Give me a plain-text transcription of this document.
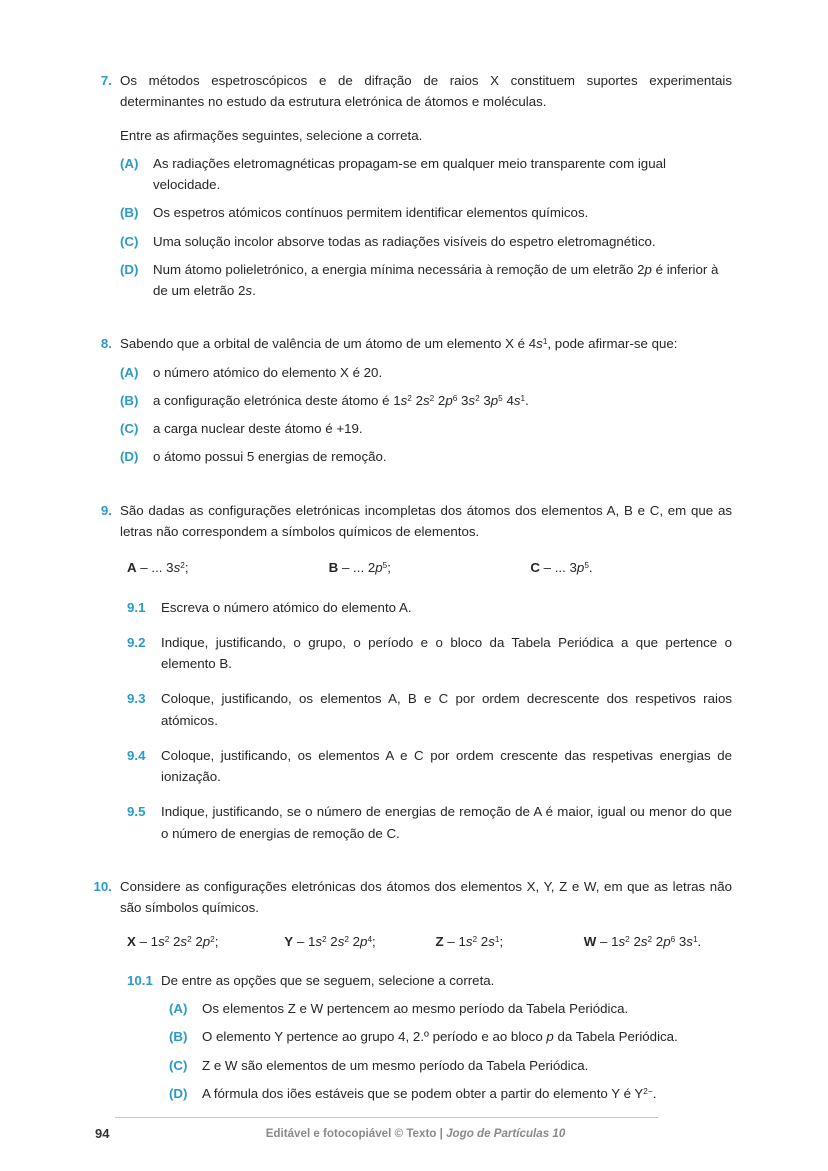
7. Os métodos espetroscópicos e de difração de raios X constituem suportes experimentais determinantes no estudo da estrutura eletrónica de átomos e moléculas.

Entre as afirmações seguintes, selecione a correta.

(A)	As radiações eletromagnéticas propagam-se em qualquer meio transparente com igual velocidade.

(B)	Os espetros atómicos contínuos permitem identificar elementos químicos.

(C)	Uma solução incolor absorve todas as radiações visíveis do espetro eletromagnético.

(D)	Num átomo polieletrónico, a energia mínima necessária à remoção de um eletrão 2p é inferior à de um eletrão 2s.

8. Sabendo que a orbital de valência de um átomo de um elemento X é $4s^1$, pode afirmar-se que:

(A)	o número atómico do elemento X é 20.

(B)	a configuração eletrónica deste átomo é $1s^2$ $2s^2$ $2p^6$ $3s^2$ $3p^5$ $4s^1$.

(C)	a carga nuclear deste átomo é +19.

(D)	o átomo possui 5 energias de remoção.

9. São dadas as configurações eletrónicas incompletas dos átomos dos elementos A, B e C, em que as letras não correspondem a símbolos químicos de elementos.

A – ... $3s^2$;	B – ... $2p^5$;	C – ... $3p^5$.
9.1	Escreva o número atómico do elemento A.

9.2	Indique, justificando, o grupo, o período e o bloco da Tabela Periódica a que pertence o elemento B.

9.3	Coloque, justificando, os elementos A, B e C por ordem decrescente dos respetivos raios atómicos.

9.4	Coloque, justificando, os elementos A e C por ordem crescente das respetivas energias de ionização.

9.5	Indique, justificando, se o número de energias de remoção de A é maior, igual ou menor do que o número de energias de remoção de C.

10. Considere as configurações eletrónicas dos átomos dos elementos X, Y, Z e W, em que as letras não são símbolos químicos.

X – $1s^2$ $2s^2$ $2p^2$;	Y – $1s^2$ $2s^2$ $2p^4$;	Z – $1s^2$ $2s^1$;	W – $1s^2$ $2s^2$ $2p^6$ $3s^1$.
10.1 De entre as opções que se seguem, selecione a correta.

(A)	Os elementos Z e W pertencem ao mesmo período da Tabela Periódica.

(B)	O elemento Y pertence ao grupo 4, 2.º período e ao bloco p da Tabela Periódica.

(C)	Z e W são elementos de um mesmo período da Tabela Periódica.

(D)	A fórmula dos iões estáveis que se podem obter a partir do elemento Y é $Y^{2-}$.

94	Editável e fotocopiável © Texto | Jogo de Partículas 10
